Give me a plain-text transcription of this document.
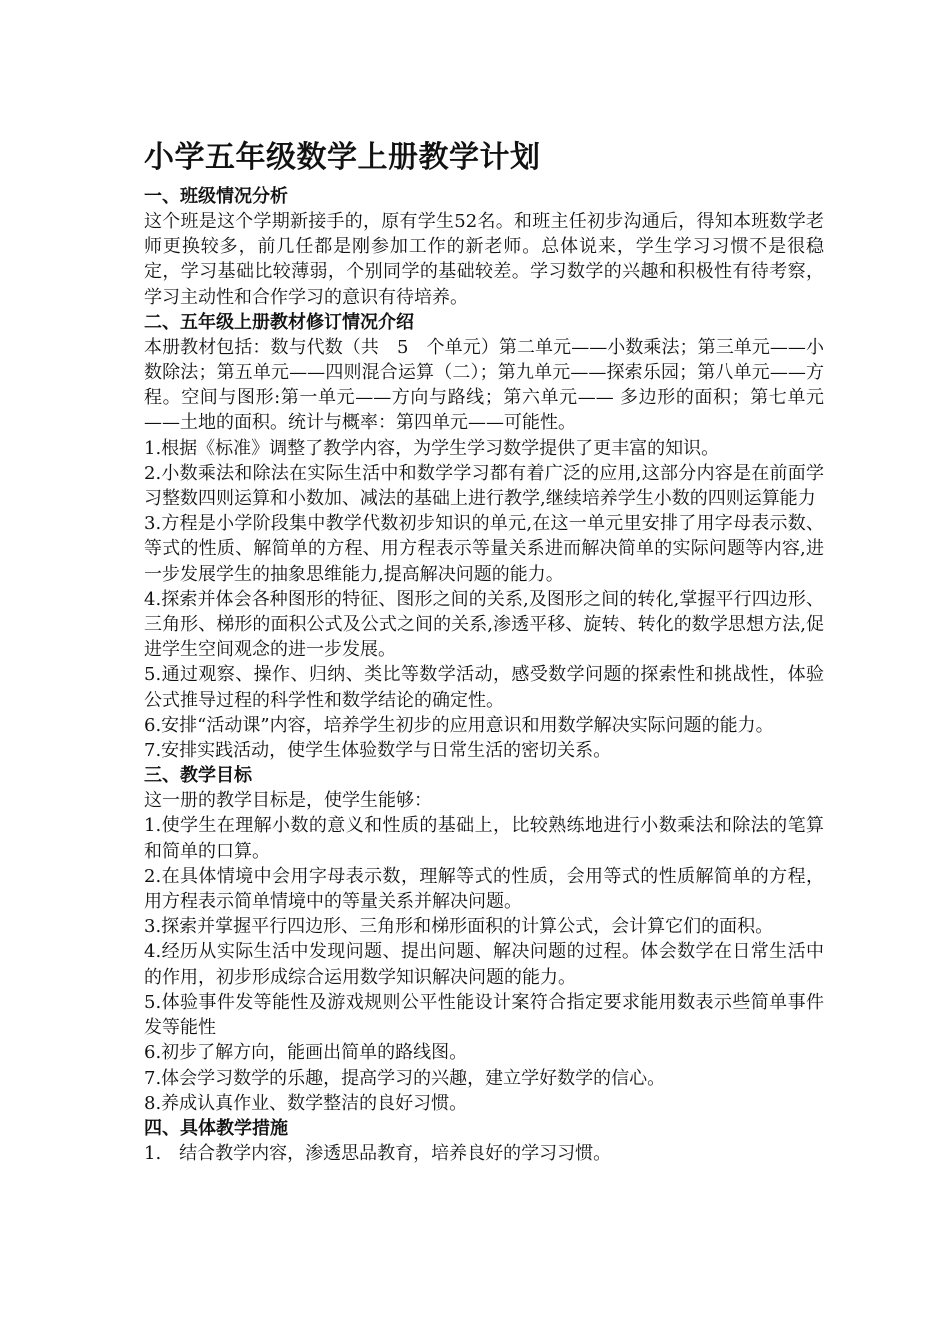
小学五年级数学上册教学计划
一、班级情况分析

这个班是这个学期新接手的，原有学生52名。和班主任初步沟通后，得知本班数学老师更换较多，前几任都是刚参加工作的新老师。总体说来，学生学习习惯不是很稳定，学习基础比较薄弱，个别同学的基础较差。学习数学的兴趣和积极性有待考察，学习主动性和合作学习的意识有待培养。

二、五年级上册教材修订情况介绍

本册教材包括：数与代数（共　5　个单元）第二单元——小数乘法；第三单元——小数除法；第五单元——四则混合运算（二）；第九单元——探索乐园；第八单元——方程。空间与图形:第一单元——方向与路线；第六单元—— 多边形的面积；第七单元——土地的面积。统计与概率：第四单元——可能性。

1.根据《标准》调整了教学内容，为学生学习数学提供了更丰富的知识。

2.小数乘法和除法在实际生活中和数学学习都有着广泛的应用,这部分内容是在前面学习整数四则运算和小数加、减法的基础上进行教学,继续培养学生小数的四则运算能力

3.方程是小学阶段集中教学代数初步知识的单元,在这一单元里安排了用字母表示数、等式的性质、解简单的方程、用方程表示等量关系进而解决简单的实际问题等内容,进一步发展学生的抽象思维能力,提高解决问题的能力。

4.探索并体会各种图形的特征、图形之间的关系,及图形之间的转化,掌握平行四边形、三角形、梯形的面积公式及公式之间的关系,渗透平移、旋转、转化的数学思想方法,促进学生空间观念的进一步发展。

5.通过观察、操作、归纳、类比等数学活动，感受数学问题的探索性和挑战性，体验公式推导过程的科学性和数学结论的确定性。

6.安排“活动课”内容，培养学生初步的应用意识和用数学解决实际问题的能力。

7.安排实践活动，使学生体验数学与日常生活的密切关系。

三、教学目标

这一册的教学目标是，使学生能够：

1.使学生在理解小数的意义和性质的基础上，比较熟练地进行小数乘法和除法的笔算和简单的口算。

2.在具体情境中会用字母表示数，理解等式的性质，会用等式的性质解简单的方程，用方程表示简单情境中的等量关系并解决问题。

3.探索并掌握平行四边形、三角形和梯形面积的计算公式，会计算它们的面积。

4.经历从实际生活中发现问题、提出问题、解决问题的过程。体会数学在日常生活中的作用，初步形成综合运用数学知识解决问题的能力。

5.体验事件发等能性及游戏规则公平性能设计案符合指定要求能用数表示些简单事件发等能性

6.初步了解方向，能画出简单的路线图。

7.体会学习数学的乐趣，提高学习的兴趣，建立学好数学的信心。

8.养成认真作业、数学整洁的良好习惯。

四、具体教学措施

1.　结合教学内容，渗透思品教育，培养良好的学习习惯。
